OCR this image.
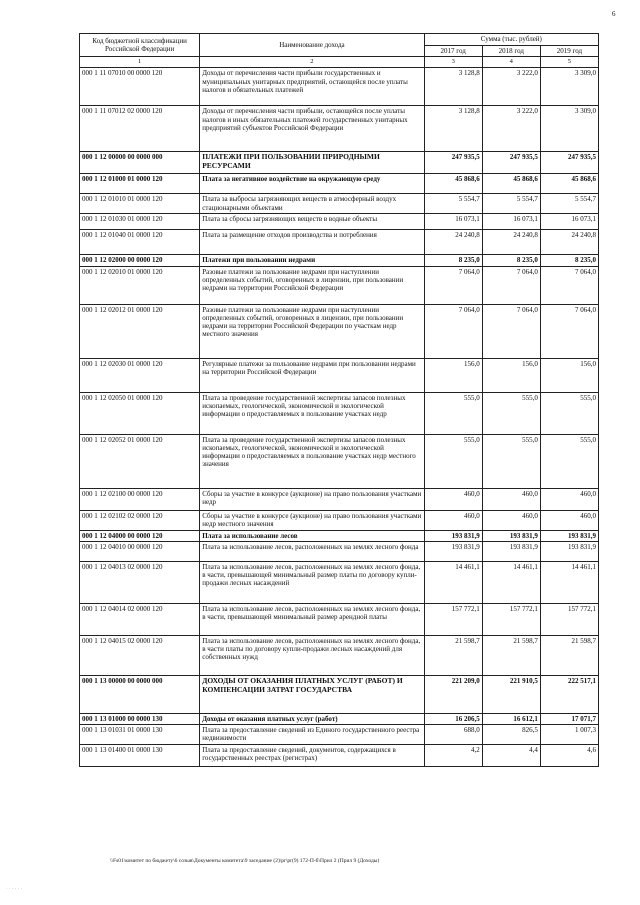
6
Код бюджетной классификации Российской Федерации	Наименование дохода	Сумма (тыс. рублей)		
		2017 год	2018 год	2019 год
1	2	3	4	5
000 1 11 07010 00 0000 120	Доходы от перечисления части прибыли государственных и муниципальных унитарных предприятий, остающейся после уплаты налогов и обязательных платежей	3 128,8	3 222,0	3 309,0
000 1 11 07012 02 0000 120	Доходы от перечисления части прибыли, остающейся после уплаты налогов и иных обязательных платежей государственных унитарных предприятий субъектов Российской Федерации	3 128,8	3 222,0	3 309,0
000 1 12 00000 00 0000 000	ПЛАТЕЖИ ПРИ ПОЛЬЗОВАНИИ ПРИРОДНЫМИ РЕСУРСАМИ	247 935,5	247 935,5	247 935,5
000 1 12 01000 01 0000 120	Плата за негативное воздействие на окружающую среду	45 868,6	45 868,6	45 868,6
000 1 12 01010 01 0000 120	Плата за выбросы загрязняющих веществ в атмосферный воздух стационарными объектами	5 554,7	5 554,7	5 554,7
000 1 12 01030 01 0000 120	Плата за сбросы загрязняющих веществ в водные объекты	16 073,1	16 073,1	16 073,1
000 1 12 01040 01 0000 120	Плата за размещение отходов производства и потребления	24 240,8	24 240,8	24 240,8
000 1 12 02000 00 0000 120	Платежи при пользовании недрами	8 235,0	8 235,0	8 235,0
000 1 12 02010 01 0000 120	Разовые платежи за пользование недрами при наступлении определенных событий, оговоренных в лицензии, при пользовании недрами на территории Российской Федерации	7 064,0	7 064,0	7 064,0
000 1 12 02012 01 0000 120	Разовые платежи за пользование недрами при наступлении определенных событий, оговоренных в лицензии, при пользовании недрами на территории Российской Федерации по участкам недр местного значения	7 064,0	7 064,0	7 064,0
000 1 12 02030 01 0000 120	Регулярные платежи за пользование недрами при пользовании недрами на территории Российской Федерации	156,0	156,0	156,0
000 1 12 02050 01 0000 120	Плата за проведение государственной экспертизы запасов полезных ископаемых, геологической, экономической и экологической информации о предоставляемых в пользование участках недр	555,0	555,0	555,0
000 1 12 02052 01 0000 120	Плата за проведение государственной экспертизы запасов полезных ископаемых, геологической, экономической и экологической информации о предоставляемых в пользование участках недр местного значения	555,0	555,0	555,0
000 1 12 02100 00 0000 120	Сборы за участие в конкурсе (аукционе) на право пользования участками недр	460,0	460,0	460,0
000 1 12 02102 02 0000 120	Сборы за участие в конкурсе (аукционе) на право пользования участками недр местного значения	460,0	460,0	460,0
000 1 12 04000 00 0000 120	Плата за использование лесов	193 831,9	193 831,9	193 831,9
000 1 12 04010 00 0000 120	Плата за использование лесов, расположенных на землях лесного фонда	193 831,9	193 831,9	193 831,9
000 1 12 04013 02 0000 120	Плата за использование лесов, расположенных на землях лесного фонда, в части, превышающей минимальный размер платы по договору купли-продажи лесных насаждений	14 461,1	14 461,1	14 461,1
000 1 12 04014 02 0000 120	Плата за использование лесов, расположенных на землях лесного фонда, в части, превышающей минимальный размер арендной платы	157 772,1	157 772,1	157 772,1
000 1 12 04015 02 0000 120	Плата за использование лесов, расположенных на землях лесного фонда, в части платы по договору купли-продажи лесных насаждений для собственных нужд	21 598,7	21 598,7	21 598,7
000 1 13 00000 00 0000 000	ДОХОДЫ ОТ ОКАЗАНИЯ ПЛАТНЫХ УСЛУГ (РАБОТ) И КОМПЕНСАЦИИ ЗАТРАТ ГОСУДАРСТВА	221 209,0	221 910,5	222 517,1
000 1 13 01000 00 0000 130	Доходы от оказания платных услуг (работ)	16 206,5	16 612,1	17 071,7
000 1 13 01031 01 0000 130	Плата за предоставление сведений из Единого государственного реестра недвижимости	688,0	826,5	1 007,3
000 1 13 01400 01 0000 130	Плата за предоставление сведений, документов, содержащихся в государственных реестрах (регистрах)	4,2	4,4	4,6
\\Fs01\комитет по бюджету\6 созыв\Документы комитета\9 заседание (2)\pr\pr(9) 172-П-б\Прил 2 (Прил 9 (Доходы)
· · · · · ·
